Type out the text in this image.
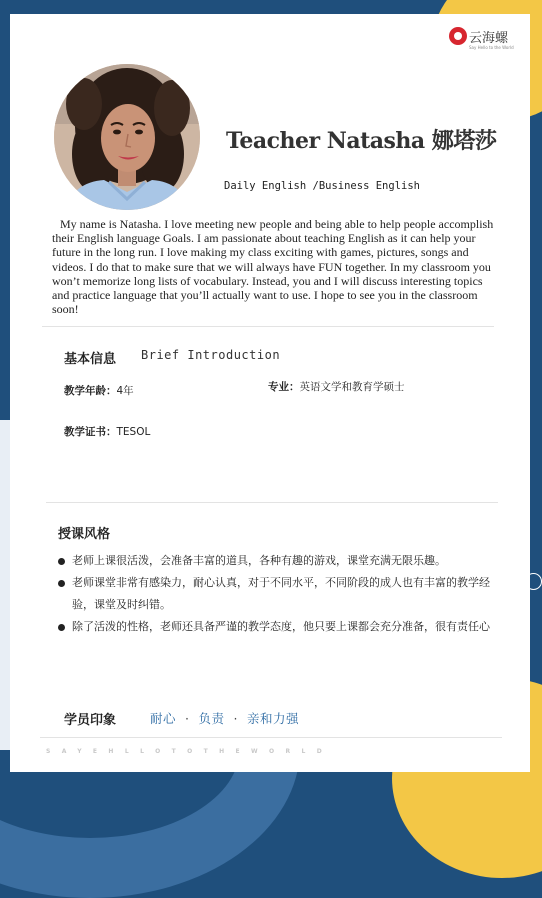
云海螺
Say Hello to the World
Teacher Natasha 娜塔莎
Daily English /Business English

My name is Natasha. I love meeting new people and being able to help people accomplish their English language Goals. I am passionate about teaching English as it can help your future in the long run. I love making my class exciting with games, pictures, songs and videos. I do that to make sure that we will always have FUN together. In my classroom you won’t memorize long lists of vocabulary. Instead, you and I will discuss interesting topics and practice language that you’ll actually want to use. I hope to see you in the classroom soon!

基本信息 Brief Introduction
教学年龄：4年	专业：英语文学和教育学硕士
教学证书：TESOL
授课风格
老师上课很活泼，会准备丰富的道具，各种有趣的游戏，课堂充满无限乐趣。
老师课堂非常有感染力，耐心认真，对于不同水平，不同阶段的成人也有丰富的教学经验，课堂及时纠错。
除了活泼的性格，老师还具备严谨的教学态度，他只要上课都会充分准备，很有责任心
学员印象	耐心 · 负责 · 亲和力强
SAYEHLLOTOTHEWORLD
